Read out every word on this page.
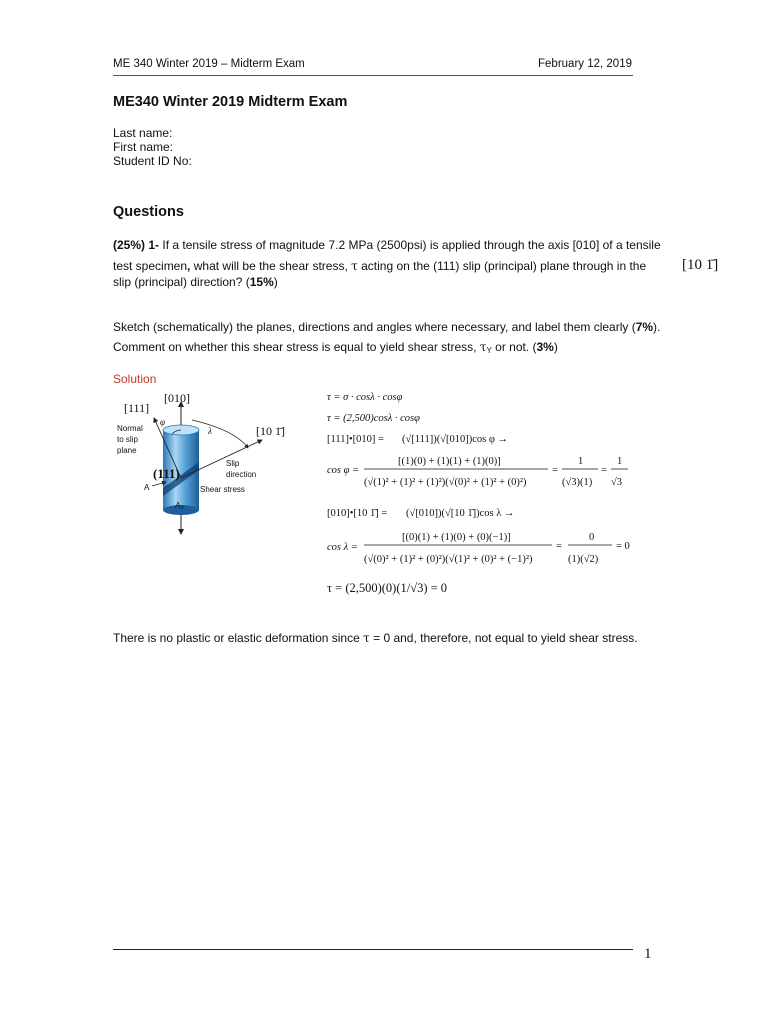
ME 340 Winter 2019 – Midterm Exam	February 12, 2019
ME340 Winter 2019 Midterm Exam
Last name:
First name:
Student ID No:
Questions
(25%) 1- If a tensile stress of magnitude 7.2 MPa (2500psi) is applied through the axis [010] of a tensile
test specimen, what will be the shear stress, τ acting on the (111) slip (principal) plane through in the [10 1̄]
slip (principal) direction? (15%)
Sketch (schematically) the planes, directions and angles where necessary, and label them clearly (7%).
Comment on whether this shear stress is equal to yield shear stress, $\tau_Y$ or not. (3%)
Solution
[010]
[111]
[10 1̄]
Normal
to slip
plane
φ
λ
Slip
direction
(111)
A	Shear stress
A₀
τ = σ · cosλ · cosφ
τ = (2,500)cosλ · cosφ
[111]•[010] = (√[111])(√[010])cos φ →
cos φ =
[(1)(0) + (1)(1) + (1)(0)]
(√(1)² + (1)² + (1)²)(√(0)² + (1)² + (0)²)
=
1
(√3)(1)
=
1
√3
[010]•[10 1̄] = (√[010])(√[10 1̄])cos λ →
cos λ =
[(0)(1) + (1)(0) + (0)(−1)]
(√(0)² + (1)² + (0)²)(√(1)² + (0)² + (−1)²)
=
0
(1)(√2)
= 0
τ = (2,500)(0)(1/√3) = 0
There is no plastic or elastic deformation since τ = 0 and, therefore, not equal to yield shear stress.
1
